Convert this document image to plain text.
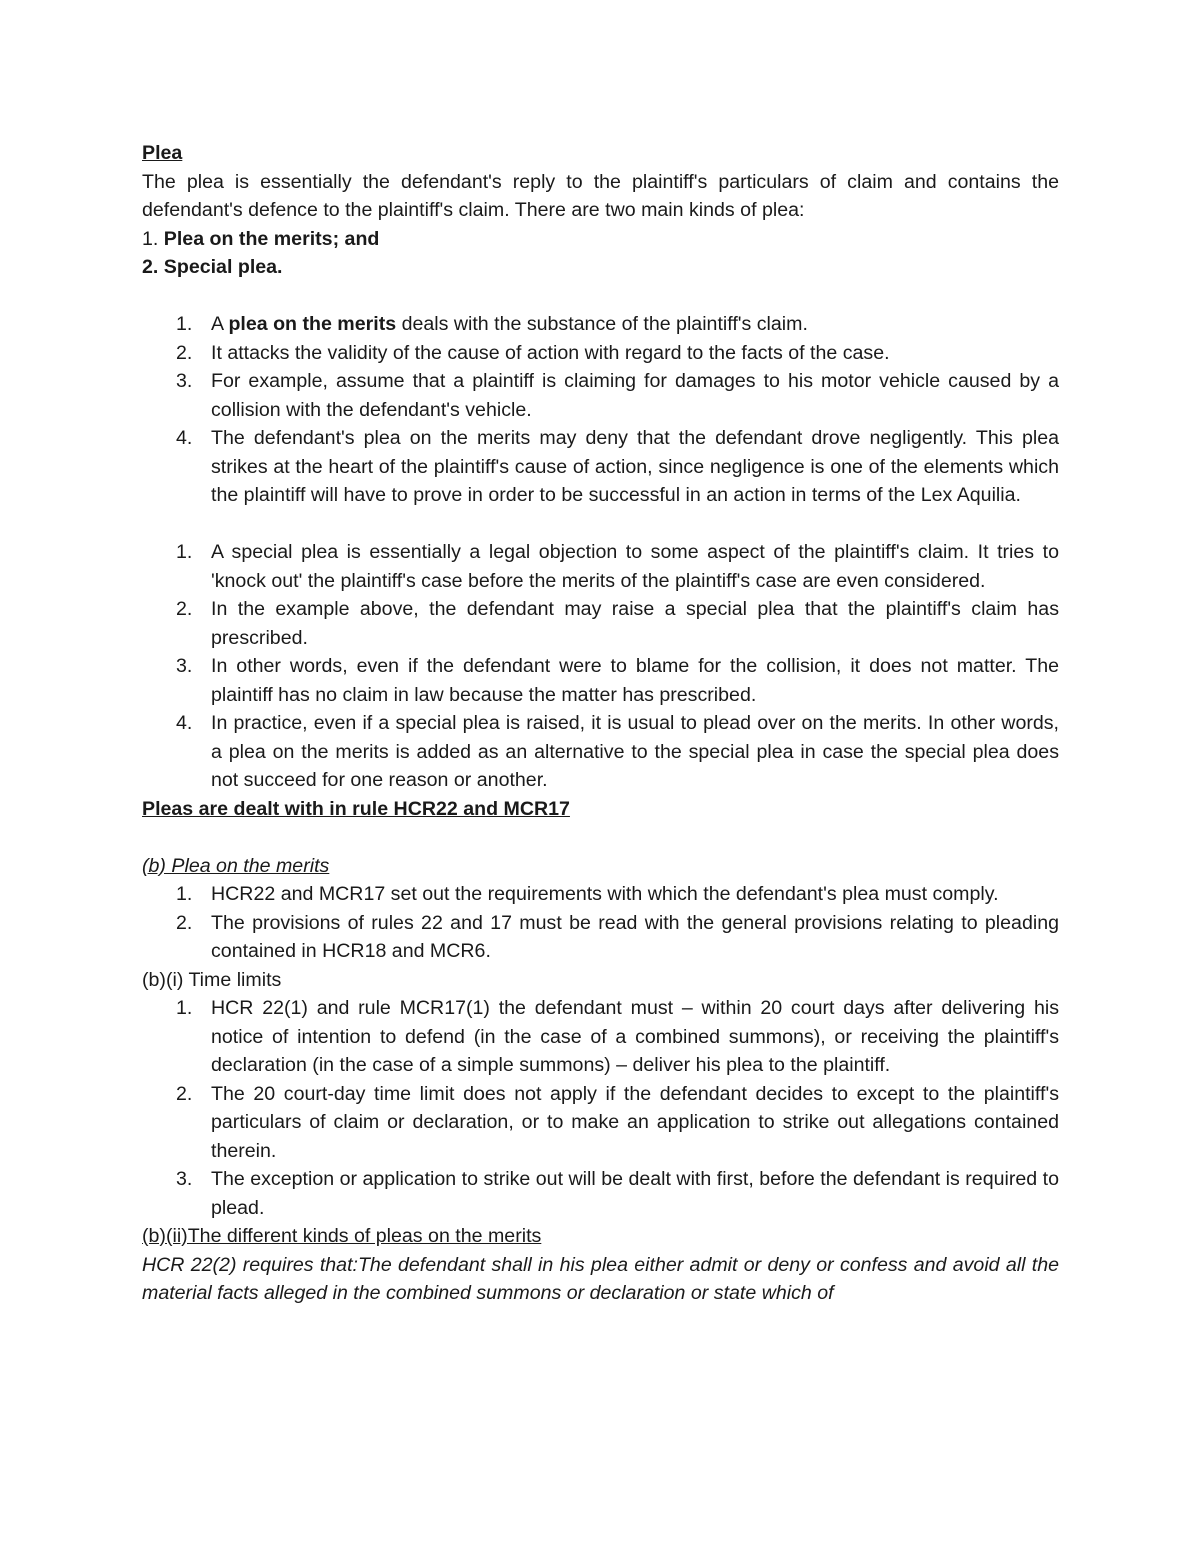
Plea

The plea is essentially the defendant's reply to the plaintiff's particulars of claim and contains the defendant's defence to the plaintiff's claim. There are two main kinds of plea:

1. Plea on the merits; and

2. Special plea.

1. A plea on the merits deals with the substance of the plaintiff's claim.
2. It attacks the validity of the cause of action with regard to the facts of the case.
3. For example, assume that a plaintiff is claiming for damages to his motor vehicle caused by a collision with the defendant's vehicle.
4. The defendant's plea on the merits may deny that the defendant drove negligently. This plea strikes at the heart of the plaintiff's cause of action, since negligence is one of the elements which the plaintiff will have to prove in order to be successful in an action in terms of the Lex Aquilia.
1. A special plea is essentially a legal objection to some aspect of the plaintiff's claim. It tries to 'knock out' the plaintiff's case before the merits of the plaintiff's case are even considered.
2. In the example above, the defendant may raise a special plea that the plaintiff's claim has prescribed.
3. In other words, even if the defendant were to blame for the collision, it does not matter. The plaintiff has no claim in law because the matter has prescribed.
4. In practice, even if a special plea is raised, it is usual to plead over on the merits. In other words, a plea on the merits is added as an alternative to the special plea in case the special plea does not succeed for one reason or another.

Pleas are dealt with in rule HCR22 and MCR17

(b) Plea on the merits

1. HCR22 and MCR17 set out the requirements with which the defendant's plea must comply.
2. The provisions of rules 22 and 17 must be read with the general provisions relating to pleading contained in HCR18 and MCR6.

(b)(i) Time limits

1. HCR 22(1) and rule MCR17(1) the defendant must – within 20 court days after delivering his notice of intention to defend (in the case of a combined summons), or receiving the plaintiff's declaration (in the case of a simple summons) – deliver his plea to the plaintiff.
2. The 20 court-day time limit does not apply if the defendant decides to except to the plaintiff's particulars of claim or declaration, or to make an application to strike out allegations contained therein.
3. The exception or application to strike out will be dealt with first, before the defendant is required to plead.

(b)(ii)The different kinds of pleas on the merits

HCR 22(2) requires that:The defendant shall in his plea either admit or deny or confess and avoid all the material facts alleged in the combined summons or declaration or state which of
